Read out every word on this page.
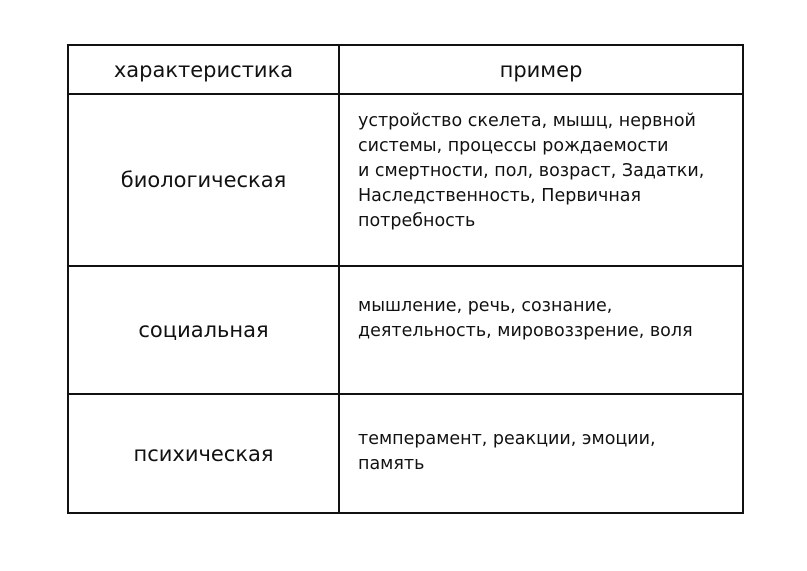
характеристика	пример
биологическая
устройство скелета, мышц, нервной
системы, процессы рождаемости
и смертности, пол, возраст, Задатки,
Наследственность, Первичная
потребность
социальная
мышление, речь, сознание,
деятельность, мировоззрение, воля
психическая
темперамент, реакции, эмоции,
память
